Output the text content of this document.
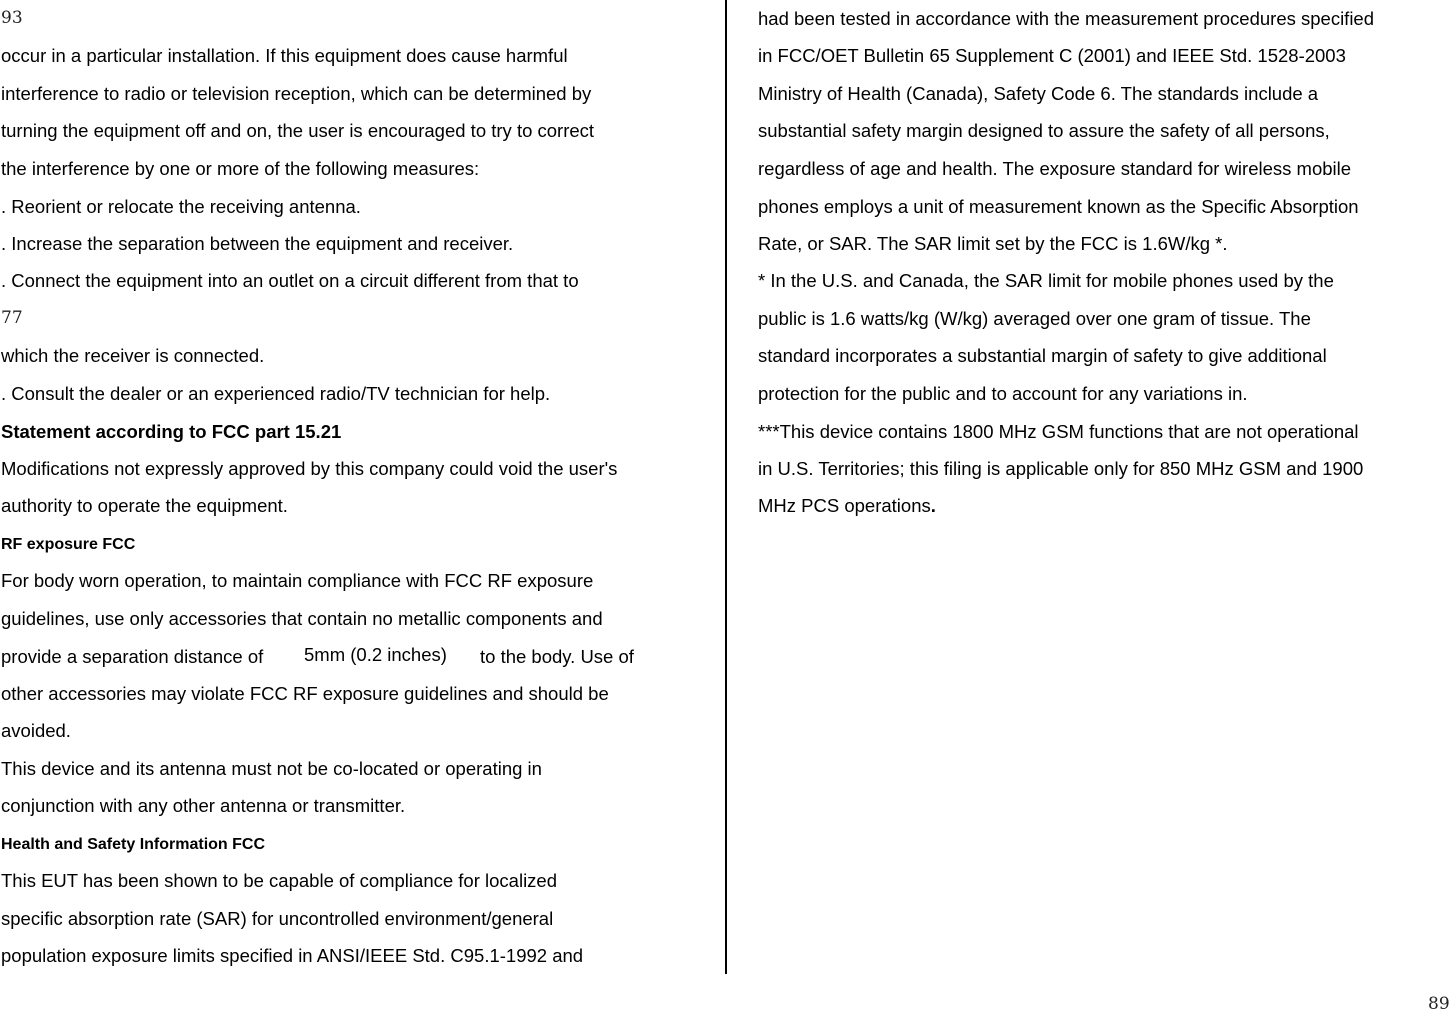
93
77
89
occur in a particular installation. If this equipment does cause harmful
interference to radio or television reception, which can be determined by
turning the equipment off and on, the user is encouraged to try to correct
the interference by one or more of the following measures:
. Reorient or relocate the receiving antenna.
. Increase the separation between the equipment and receiver.
. Connect the equipment into an outlet on a circuit different from that to
which the receiver is connected.
. Consult the dealer or an experienced radio/TV technician for help.
Statement according to FCC part 15.21
Modifications not expressly approved by this company could void the user's
authority to operate the equipment.
RF exposure FCC
For body worn operation, to maintain compliance with FCC RF exposure
guidelines, use only accessories that contain no metallic components and
provide a separation distance of 5mm (0.2 inches) to the body. Use of
other accessories may violate FCC RF exposure guidelines and should be
avoided.
This device and its antenna must not be co-located or operating in
conjunction with any other antenna or transmitter.
Health and Safety Information FCC
This EUT has been shown to be capable of compliance for localized
specific absorption rate (SAR) for uncontrolled environment/general
population exposure limits specified in ANSI/IEEE Std. C95.1-1992 and
had been tested in accordance with the measurement procedures specified
in FCC/OET Bulletin 65 Supplement C (2001) and IEEE Std. 1528-2003
Ministry of Health (Canada), Safety Code 6. The standards include a
substantial safety margin designed to assure the safety of all persons,
regardless of age and health. The exposure standard for wireless mobile
phones employs a unit of measurement known as the Specific Absorption
Rate, or SAR. The SAR limit set by the FCC is 1.6W/kg *.
* In the U.S. and Canada, the SAR limit for mobile phones used by the
public is 1.6 watts/kg (W/kg) averaged over one gram of tissue. The
standard incorporates a substantial margin of safety to give additional
protection for the public and to account for any variations in.
***This device contains 1800 MHz GSM functions that are not operational
in U.S. Territories; this filing is applicable only for 850 MHz GSM and 1900
MHz PCS operations.
